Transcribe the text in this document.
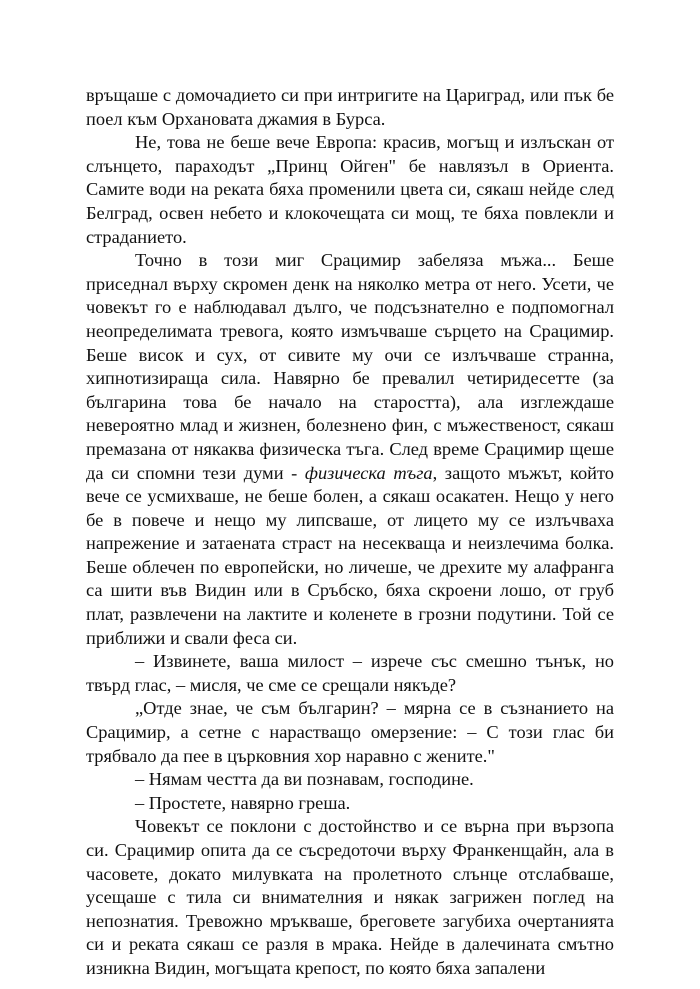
връщаше с домочадието си при интригите на Цариград, или пък бе поел към Орхановата джамия в Бурса.

Не, това не беше вече Европа: красив, могъщ и излъскан от слънцето, параходът „Принц Ойген" бе навлязъл в Ориента. Самите води на реката бяха променили цвета си, сякаш нейде след Белград, освен небето и клокочещата си мощ, те бяха повлекли и страданието.

Точно в този миг Срацимир забеляза мъжа... Беше приседнал върху скромен денк на няколко метра от него. Усети, че човекът го е наблюдавал дълго, че подсъзнателно е подпомогнал неопределимата тревога, която измъчваше сърцето на Срацимир. Беше висок и сух, от сивите му очи се излъчваше странна, хипнотизираща сила. Навярно бе превалил четиридесетте (за българина това бе начало на старостта), ала изглеждаше невероятно млад и жизнен, болезнено фин, с мъжественост, сякаш премазана от някаква физическа тъга. След време Срацимир щеше да си спомни тези думи - физическа тъга, защото мъжът, който вече се усмихваше, не беше болен, а сякаш осакатен. Нещо у него бе в повече и нещо му липсваше, от лицето му се излъчваха напрежение и затаената страст на несекваща и неизлечима болка. Беше облечен по европейски, но личеше, че дрехите му алафранга са шити във Видин или в Сръбско, бяха скроени лошо, от груб плат, развлечени на лактите и коленете в грозни подутини. Той се приближи и свали феса си.

– Извинете, ваша милост – изрече със смешно тънък, но твърд глас, – мисля, че сме се срещали някъде?

„Отде знае, че съм българин? – мярна се в съзнанието на Срацимир, а сетне с нарастващо омерзение: – С този глас би трябвало да пее в църковния хор наравно с жените."

– Нямам честта да ви познавам, господине.

– Простете, навярно греша.

Човекът се поклони с достойнство и се върна при вързопа си. Срацимир опита да се съсредоточи върху Франкенщайн, ала в часовете, докато милувката на пролетното слънце отслабваше, усещаше с тила си внимателния и някак загрижен поглед на непознатия. Тревожно мръкваше, бреговете загубиха очертанията си и реката сякаш се разля в мрака. Нейде в далечината смътно изникна Видин, могъщата крепост, по която бяха запалени
